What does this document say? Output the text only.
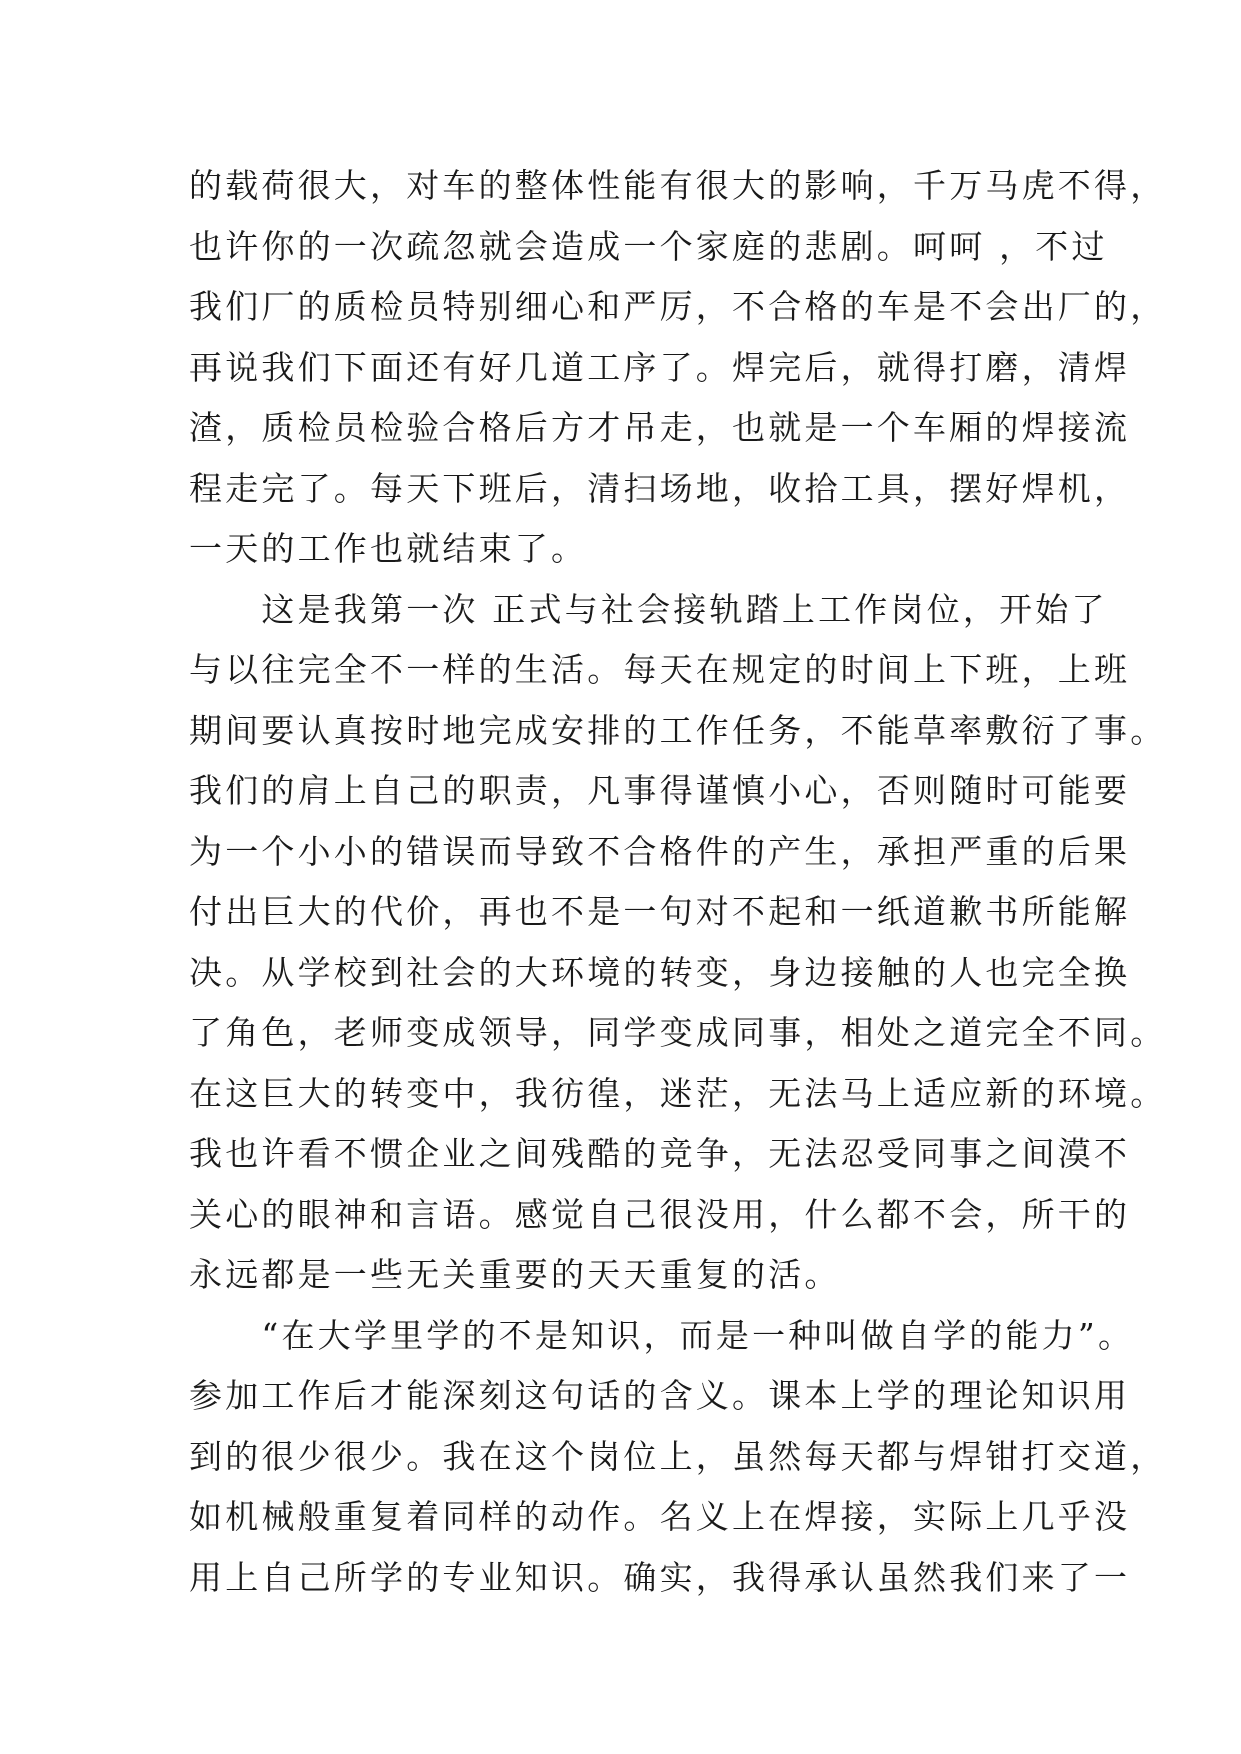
的载荷很大，对车的整体性能有很大的影响，千万马虎不得，
也许你的一次疏忽就会造成一个家庭的悲剧。呵呵 ，不过
我们厂的质检员特别细心和严厉，不合格的车是不会出厂的，
再说我们下面还有好几道工序了。焊完后，就得打磨，清焊
渣，质检员检验合格后方才吊走，也就是一个车厢的焊接流
程走完了。每天下班后，清扫场地，收拾工具，摆好焊机，
一天的工作也就结束了。
　　这是我第一次 正式与社会接轨踏上工作岗位，开始了
与以往完全不一样的生活。每天在规定的时间上下班，上班
期间要认真按时地完成安排的工作任务，不能草率敷衍了事。
我们的肩上自己的职责，凡事得谨慎小心，否则随时可能要
为一个小小的错误而导致不合格件的产生，承担严重的后果
付出巨大的代价，再也不是一句对不起和一纸道歉书所能解
决。从学校到社会的大环境的转变，身边接触的人也完全换
了角色，老师变成领导，同学变成同事，相处之道完全不同。
在这巨大的转变中，我彷徨，迷茫，无法马上适应新的环境。
我也许看不惯企业之间残酷的竞争，无法忍受同事之间漠不
关心的眼神和言语。感觉自己很没用，什么都不会，所干的
永远都是一些无关重要的天天重复的活。
　　“在大学里学的不是知识，而是一种叫做自学的能力”。
参加工作后才能深刻这句话的含义。课本上学的理论知识用
到的很少很少。我在这个岗位上，虽然每天都与焊钳打交道，
如机械般重复着同样的动作。名义上在焊接，实际上几乎没
用上自己所学的专业知识。确实，我得承认虽然我们来了一
